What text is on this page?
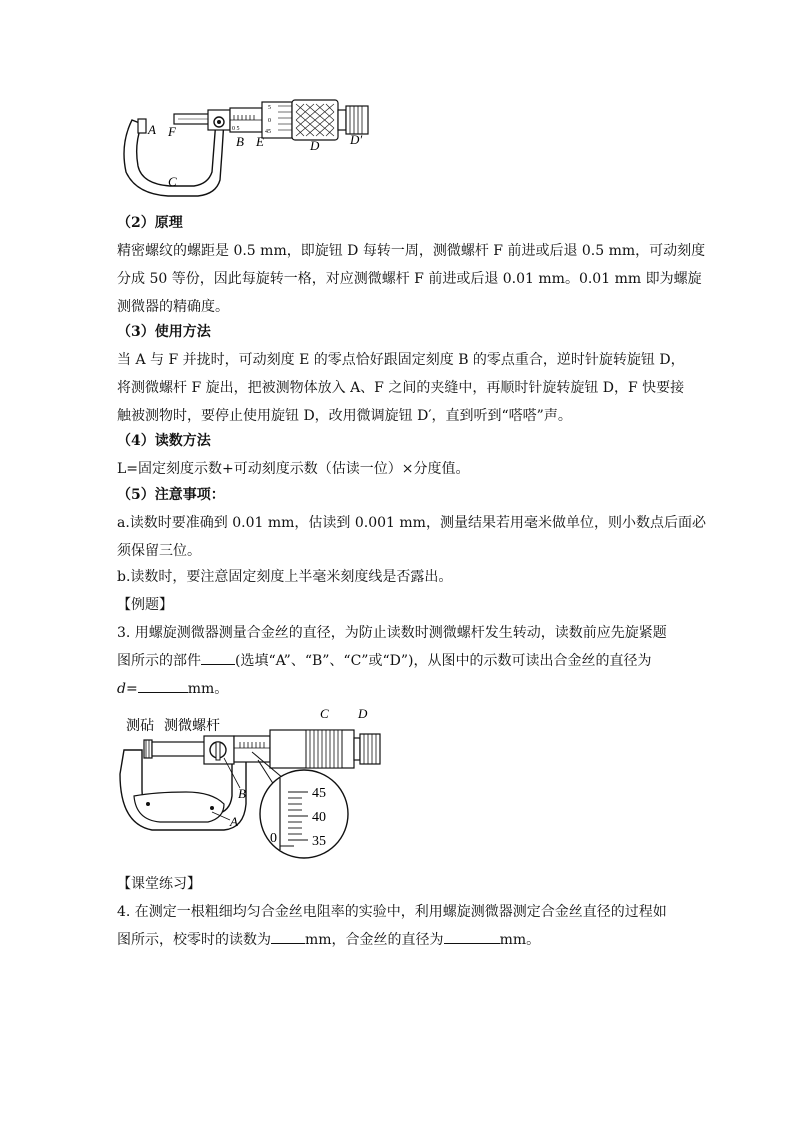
0 5
5
0
45
A F
B E	D D′
C
（2）原理
精密螺纹的螺距是 0.5 mm，即旋钮 D 每转一周，测微螺杆 F 前进或后退 0.5 mm，可动刻度
分成 50 等份，因此每旋转一格，对应测微螺杆 F 前进或后退 0.01 mm。0.01 mm 即为螺旋
测微器的精确度。
（3）使用方法
当 A 与 F 并拢时，可动刻度 E 的零点恰好跟固定刻度 B 的零点重合，逆时针旋转旋钮 D，
将测微螺杆 F 旋出，把被测物体放入 A、F 之间的夹缝中，再顺时针旋转旋钮 D，F 快要接
触被测物时，要停止使用旋钮 D，改用微调旋钮 D′，直到听到“嗒嗒”声。
（4）读数方法
L=固定刻度示数+可动刻度示数（估读一位）×分度值。
（5）注意事项：
a.读数时要准确到 0.01 mm，估读到 0.001 mm，测量结果若用毫米做单位，则小数点后面必
须保留三位。
b.读数时，要注意固定刻度上半毫米刻度线是否露出。
【例题】
3. 用螺旋测微器测量合金丝的直径，为防止读数时测微螺杆发生转动，读数前应先旋紧题
图所示的部件 (选填“A”、“B”、“C”或“D”)，从图中的示数可读出合金丝的直径为
d=	mm。
测砧 测微螺杆
C D
B
A
45
40
35
0
【课堂练习】
4. 在测定一根粗细均匀合金丝电阻率的实验中，利用螺旋测微器测定合金丝直径的过程如
图所示，校零时的读数为 mm，合金丝的直径为	mm。
